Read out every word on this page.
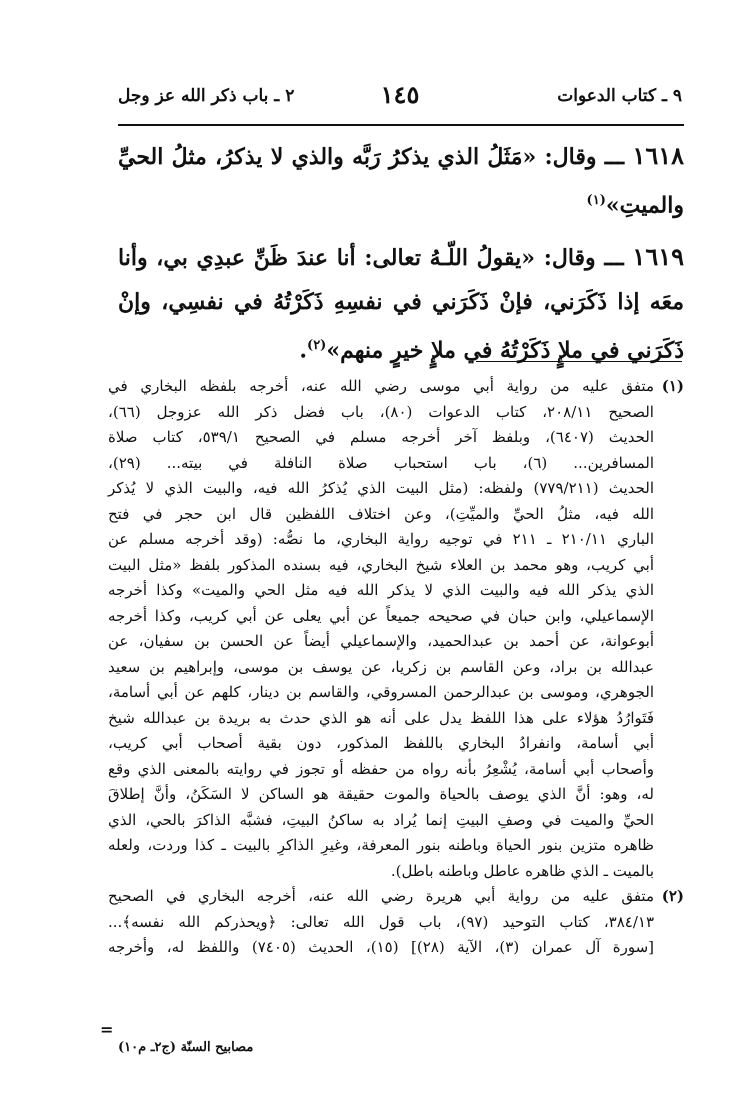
٩ ـ كتاب الدعوات
١٤٥
٢ ـ باب ذكر الله عز وجل

١٦١٨ ـــ وقال: «مَثَلُ الذي يذكرُ رَبَّه والذي لا يذكرُ، مثلُ الحيِّ والميتِ»$^{(١)}$

١٦١٩ ـــ وقال: «يقولُ اللّـهُ تعالى: أنا عندَ ظَنِّ عبدِي بي، وأنا معَه إذا ذَكَرَني، فإنْ ذَكَرَني في نفسِهِ ذَكَرْتُهُ في نفسِي، وإنْ ذَكَرَني في ملإٍ ذَكَرْتُهُ في ملإٍ خيرٍ منهم»$^{(٢)}$.

(١)
متفق عليه من رواية أبي موسى رضي الله عنه، أخرجه بلفظه البخاري في
الصحيح ٢٠٨/١١، كتاب الدعوات (٨٠)، باب فضل ذكر الله عزوجل (٦٦)،
الحديث (٦٤٠٧)، وبلفظ آخر أخرجه مسلم في الصحيح ٥٣٩/١، كتاب صلاة
المسافرين... (٦)، باب استحباب صلاة النافلة في بيته... (٢٩)،
الحديث (٧٧٩/٢١١) ولفظه: (مثل البيت الذي يُذكرُ الله فيه، والبيت الذي لا يُذكر
الله فيه، مثلُ الحيِّ والميِّتِ)، وعن اختلاف اللفظين قال ابن حجر في فتح
الباري ٢١٠/١١ ـ ٢١١ في توجيه رواية البخاري، ما نصُّه: (وقد أخرجه مسلم عن
أبي كريب، وهو محمد بن العلاء شيخ البخاري، فيه بسنده المذكور بلفظ «مثل البيت
الذي يذكر الله فيه والبيت الذي لا يذكر الله فيه مثل الحي والميت» وكذا أخرجه
الإسماعيلي، وابن حبان في صحيحه جميعاً عن أبي يعلى عن أبي كريب، وكذا أخرجه
أبوعوانة، عن أحمد بن عبدالحميد، والإسماعيلي أيضاً عن الحسن بن سفيان، عن
عبدالله بن براد، وعن القاسم بن زكريا، عن يوسف بن موسى، وإبراهيم بن سعيد
الجوهري، وموسى بن عبدالرحمن المسروقي، والقاسم بن دينار، كلهم عن أبي أسامة،
فَتَوارُدُ هؤلاء على هذا اللفظ يدل على أنه هو الذي حدث به بريدة بن عبدالله شيخ
أبي أسامة، وانفرادُ البخاري باللفظ المذكور، دون بقية أصحاب أبي كريب،
وأصحاب أبي أسامة، يُشْعِرُ بأنه رواه من حفظه أو تجوز في روايته بالمعنى الذي وقع
له، وهو: أنَّ الذي يوصف بالحياة والموت حقيقة هو الساكن لا السَكَنُ، وأنَّ إطلاقَ
الحيِّ والميت في وصفِ البيتِ إنما يُراد به ساكنُ البيتِ، فشبَّه الذاكرَ بالحي، الذي
ظاهره متزين بنور الحياة وباطنه بنور المعرفة، وغيرِ الذاكرِ بالبيت ـ كذا وردت، ولعله
بالميت ـ الذي ظاهره عاطل وباطنه باطل).
(٢)
متفق عليه من رواية أبي هريرة رضي الله عنه، أخرجه البخاري في الصحيح
٣٨٤/١٣، كتاب التوحيد (٩٧)، باب قول الله تعالى: ﴿ويحذركم الله نفسه﴾...
[سورة آل عمران (٣)، الآية (٢٨)] (١٥)، الحديث (٧٤٠٥) واللفظ له، وأخرجه
=
مصابيح السنّة (ج٢ـ م١٠)
